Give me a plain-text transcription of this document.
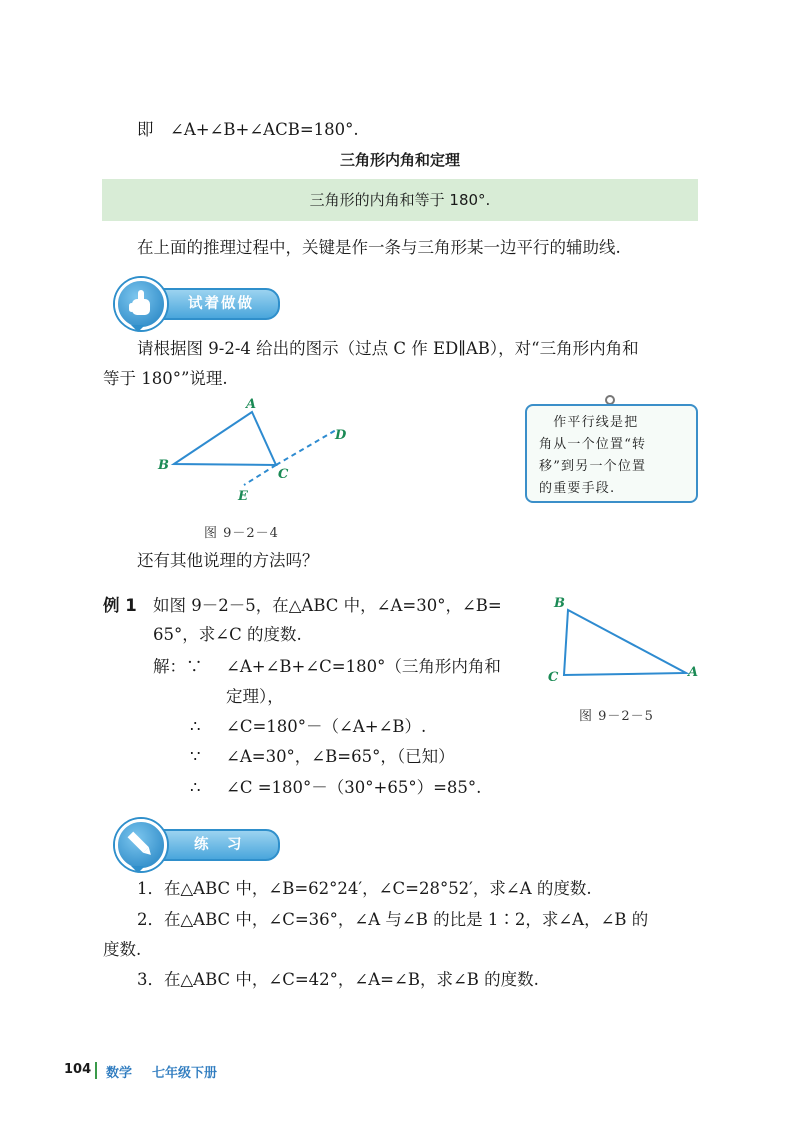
即　∠A+∠B+∠ACB=180°.
三角形内角和定理
三角形的内角和等于 180°.
在上面的推理过程中，关键是作一条与三角形某一边平行的辅助线.
试着做做
请根据图 9-2-4 给出的图示（过点 C 作 ED∥AB），对“三角形内角和
等于 180°”说理.
A
B
C
D
E
图 9－2－4
　作平行线是把
角从一个位置“转
移”到另一个位置
的重要手段.
还有其他说理的方法吗？
例 1 如图 9－2－5，在△ABC 中，∠A=30°，∠B=
65°，求∠C 的度数.
解：∵ ∠A+∠B+∠C=180°（三角形内角和
定理），
∴ ∠C=180°－（∠A+∠B）.
∵ ∠A=30°，∠B=65°，（已知）
∴ ∠C =180°－（30°+65°）=85°.
B
C	A
图 9－2－5
练　习
1．在△ABC 中，∠B=62°24′，∠C=28°52′，求∠A 的度数.
2．在△ABC 中，∠C=36°，∠A 与∠B 的比是 1∶2，求∠A，∠B 的
度数.
3．在△ABC 中，∠C=42°，∠A=∠B，求∠B 的度数.
104 数学 七年级下册
